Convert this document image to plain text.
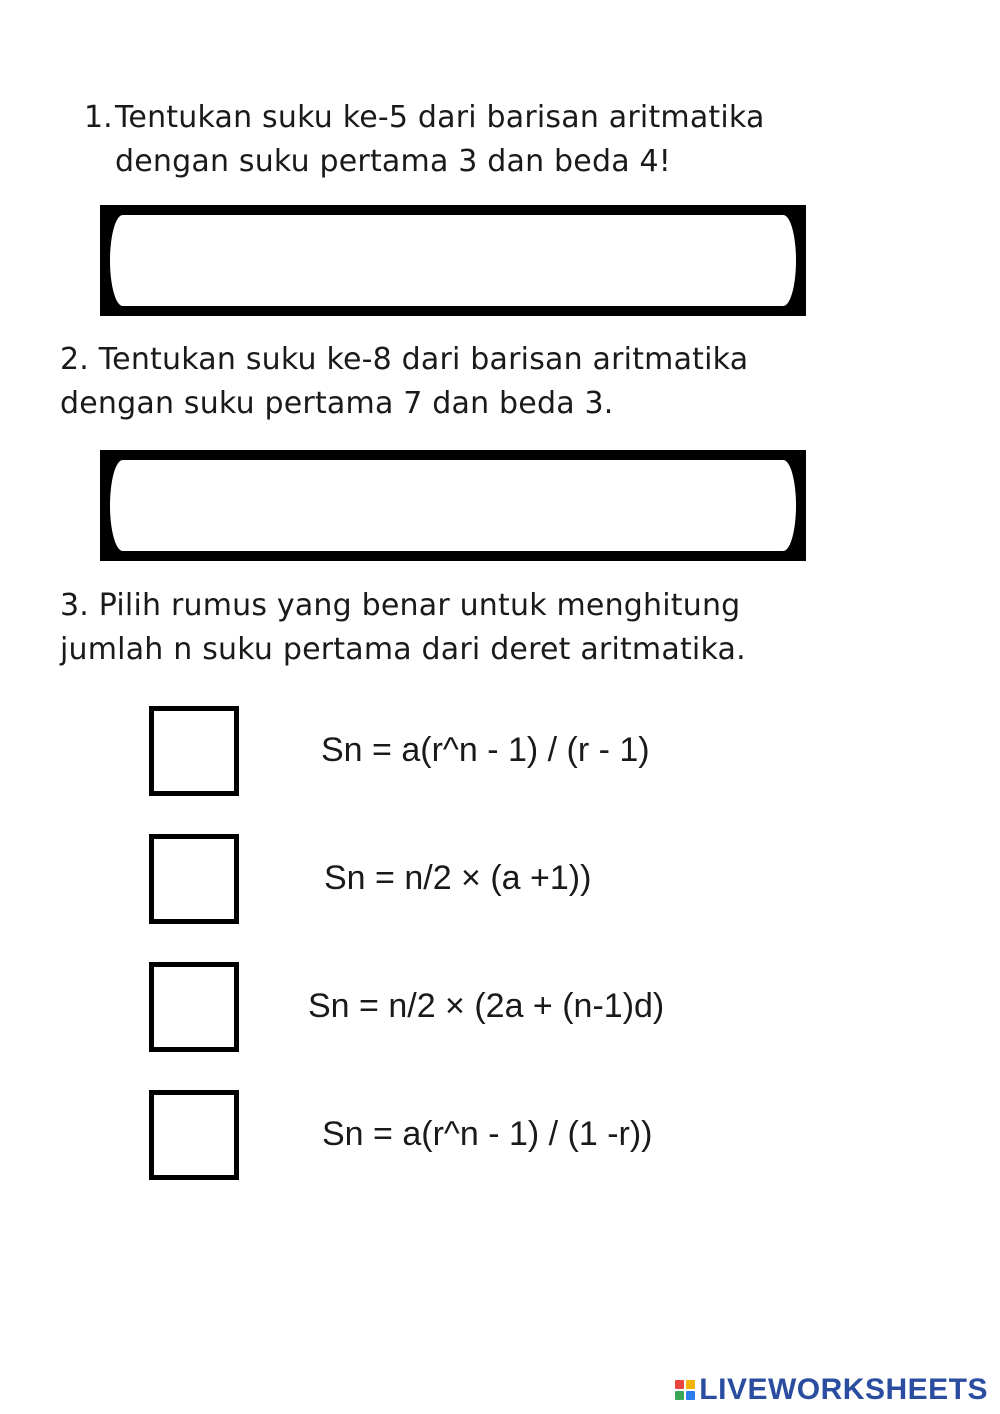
1. Tentukan suku ke-5 dari barisan aritmatika dengan suku pertama 3 dan beda 4!
2. Tentukan suku ke-8 dari barisan aritmatika dengan suku pertama 7 dan beda 3.
3. Pilih rumus yang benar untuk menghitung jumlah n suku pertama dari deret aritmatika.
Sn = a(r^n - 1) / (r - 1)
Sn = n/2 × (a +1))
Sn = n/2 × (2a + (n-1)d)
Sn = a(r^n - 1) / (1 -r))
LIVEWORKSHEETS
